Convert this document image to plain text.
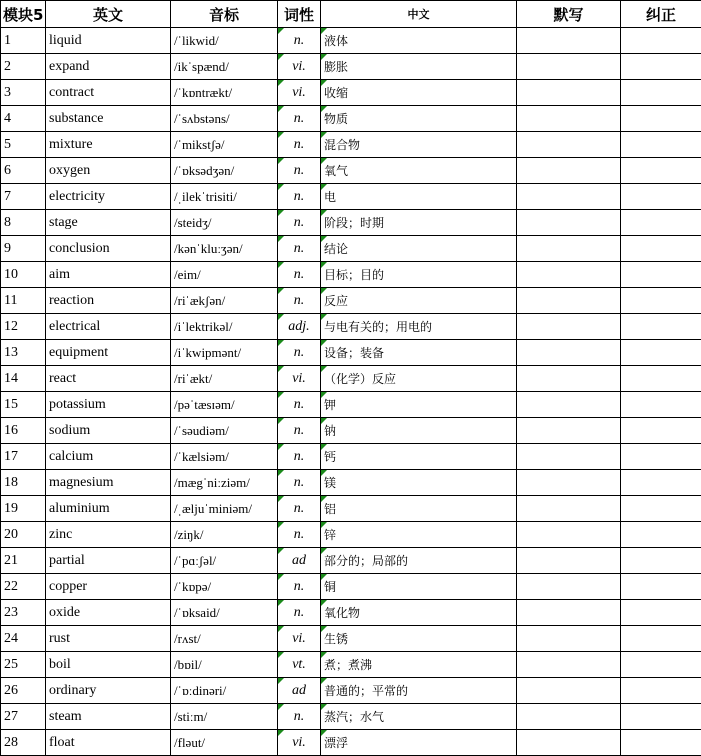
模块5	英文	音标	词性	中文	默写	纠正
1	liquid	/ˈlikwid/	n.	液体		
2	expand	/ikˈspænd/	vi.	膨胀		
3	contract	/ˈkɒntrækt/	vi.	收缩		
4	substance	/ˈsʌbstəns/	n.	物质		
5	mixture	/ˈmikstʃə/	n.	混合物		
6	oxygen	/ˈɒksədʒən/	n.	氧气		
7	electricity	/ˌilekˈtrisiti/	n.	电		
8	stage	/steidʒ/	n.	阶段；时期		
9	conclusion	/kənˈkluːʒən/	n.	结论		
10	aim	/eim/	n.	目标；目的		
11	reaction	/riˈækʃən/	n.	反应		
12	electrical	/iˈlektrikəl/	adj.	与电有关的；用电的		
13	equipment	/iˈkwipmənt/	n.	设备；装备		
14	react	/riˈækt/	vi.	（化学）反应		
15	potassium	/pəˈtæsɪəm/	n.	钾		
16	sodium	/ˈsəudiəm/	n.	钠		
17	calcium	/ˈkælsiəm/	n.	钙		
18	magnesium	/mægˈniːziəm/	n.	镁		
19	aluminium	/ˌæljuˈminiəm/	n.	铝		
20	zinc	/ziŋk/	n.	锌		
21	partial	/ˈpɑːʃəl/	ad	部分的；局部的		
22	copper	/ˈkɒpə/	n.	铜		
23	oxide	/ˈɒksaid/	n.	氧化物		
24	rust	/rʌst/	vi.	生锈		
25	boil	/bɒil/	vt.	煮；煮沸		
26	ordinary	/ˈɒːdinəri/	ad	普通的；平常的		
27	steam	/stiːm/	n.	蒸汽；水气		
28	float	/fləut/	vi.	漂浮		
